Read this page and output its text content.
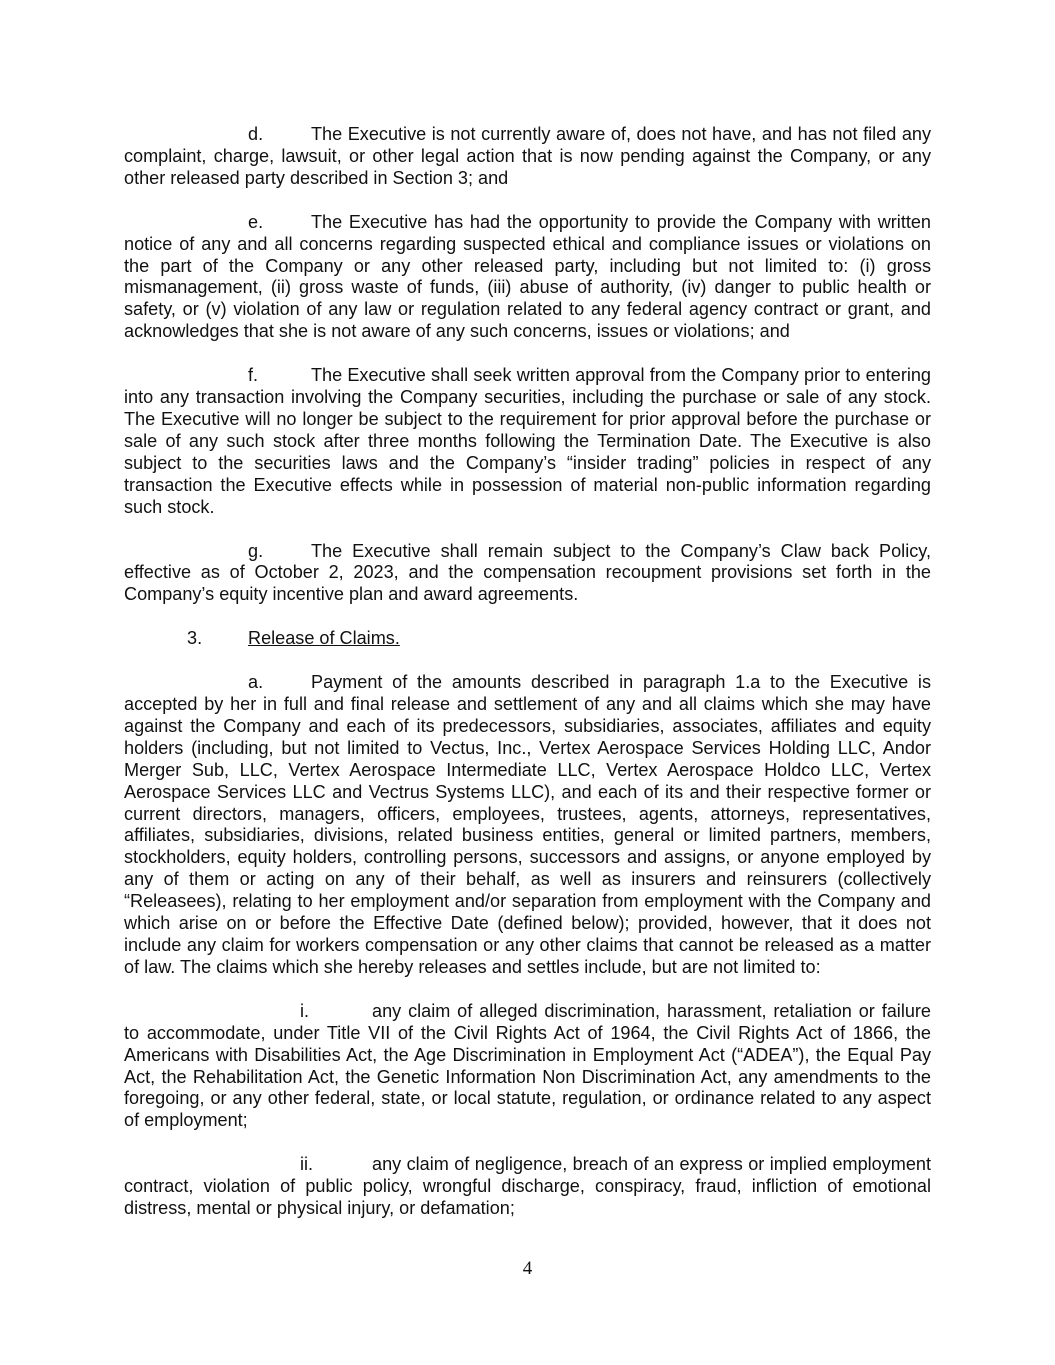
d.	The Executive is not currently aware of, does not have, and has not filed any complaint, charge, lawsuit, or other legal action that is now pending against the Company, or any other released party described in Section 3; and

e.	The Executive has had the opportunity to provide the Company with written notice of any and all concerns regarding suspected ethical and compliance issues or violations on the part of the Company or any other released party, including but not limited to: (i) gross mismanagement, (ii) gross waste of funds, (iii) abuse of authority, (iv) danger to public health or safety, or (v) violation of any law or regulation related to any federal agency contract or grant, and acknowledges that she is not aware of any such concerns, issues or violations; and

f.	The Executive shall seek written approval from the Company prior to entering into any transaction involving the Company securities, including the purchase or sale of any stock. The Executive will no longer be subject to the requirement for prior approval before the purchase or sale of any such stock after three months following the Termination Date. The Executive is also subject to the securities laws and the Company’s “insider trading” policies in respect of any transaction the Executive effects while in possession of material non-public information regarding such stock.

g.	The Executive shall remain subject to the Company’s Claw back Policy, effective as of October 2, 2023, and the compensation recoupment provisions set forth in the Company’s equity incentive plan and award agreements.

3.	Release of Claims.

a.	Payment of the amounts described in paragraph 1.a to the Executive is accepted by her in full and final release and settlement of any and all claims which she may have against the Company and each of its predecessors, subsidiaries, associates, affiliates and equity holders (including, but not limited to Vectus, Inc., Vertex Aerospace Services Holding LLC, Andor Merger Sub, LLC, Vertex Aerospace Intermediate LLC, Vertex Aerospace Holdco LLC, Vertex Aerospace Services LLC and Vectrus Systems LLC), and each of its and their respective former or current directors, managers, officers, employees, trustees, agents, attorneys, representatives, affiliates, subsidiaries, divisions, related business entities, general or limited partners, members, stockholders, equity holders, controlling persons, successors and assigns, or anyone employed by any of them or acting on any of their behalf, as well as insurers and reinsurers (collectively “Releasees), relating to her employment and/or separation from employment with the Company and which arise on or before the Effective Date (defined below); provided, however, that it does not include any claim for workers compensation or any other claims that cannot be released as a matter of law. The claims which she hereby releases and settles include, but are not limited to:

i.	any claim of alleged discrimination, harassment, retaliation or failure to accommodate, under Title VII of the Civil Rights Act of 1964, the Civil Rights Act of 1866, the Americans with Disabilities Act, the Age Discrimination in Employment Act (“ADEA”), the Equal Pay Act, the Rehabilitation Act, the Genetic Information Non Discrimination Act, any amendments to the foregoing, or any other federal, state, or local statute, regulation, or ordinance related to any aspect of employment;

ii.	any claim of negligence, breach of an express or implied employment contract, violation of public policy, wrongful discharge, conspiracy, fraud, infliction of emotional distress, mental or physical injury, or defamation;

4
